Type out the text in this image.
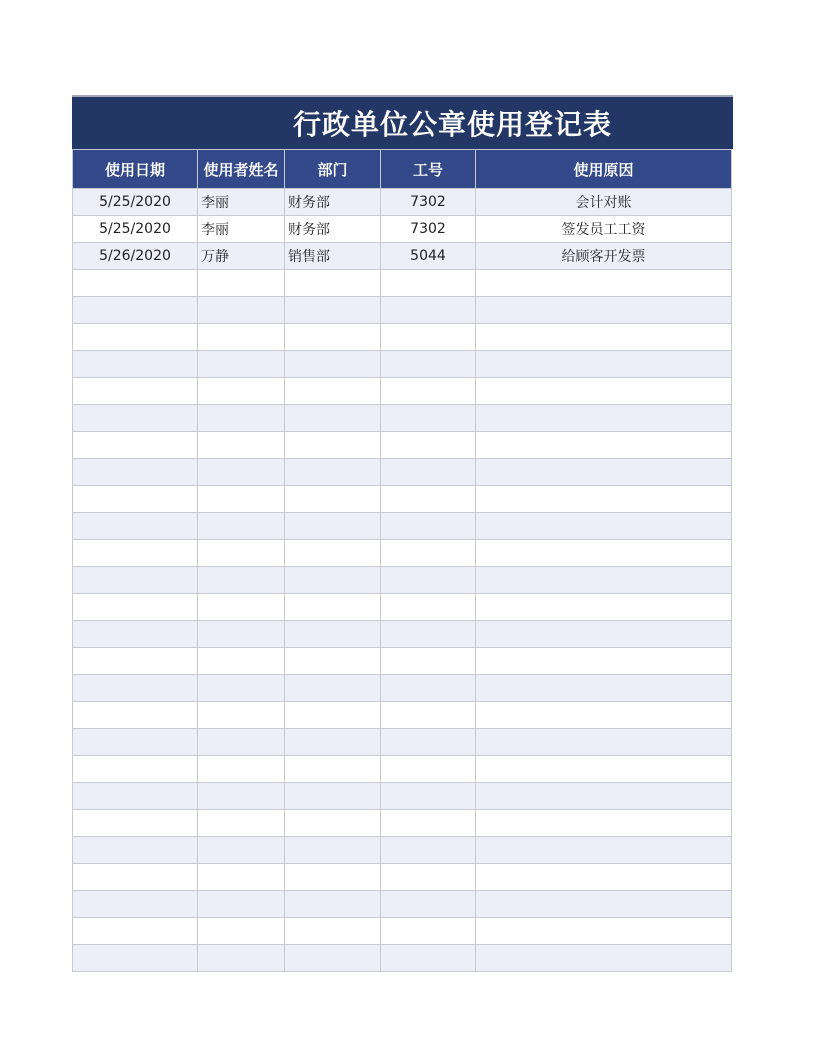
行政单位公章使用登记表
使用日期	使用者姓名	部门	工号	使用原因
5/25/2020	李丽	财务部	7302	会计对账
5/25/2020	李丽	财务部	7302	签发员工工资
5/26/2020	万静	销售部	5044	给顾客开发票
